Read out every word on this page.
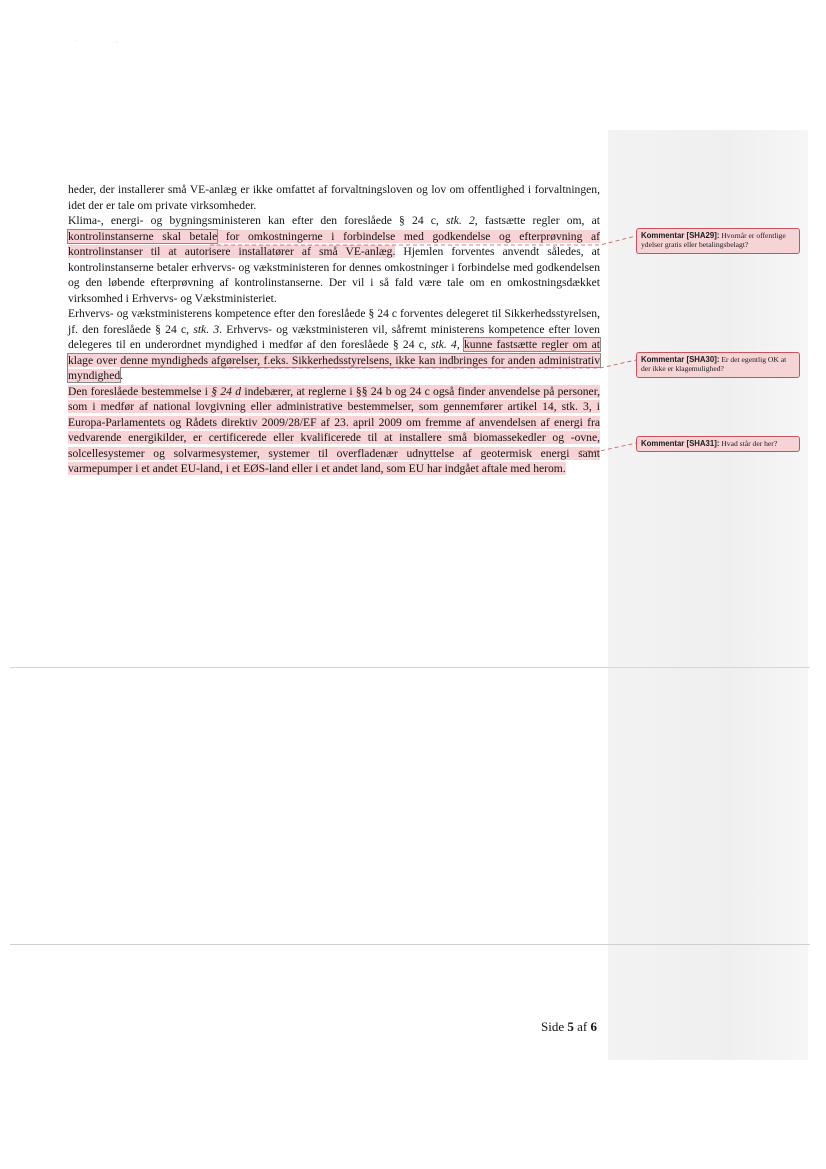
·	·

heder, der installerer små VE-anlæg er ikke omfattet af forvaltningsloven og lov om offentlighed i forvaltningen, idet der er tale om private virksomheder.

Klima-, energi- og bygningsministeren kan efter den foreslåede § 24 c, stk. 2, fastsætte regler om, at kontrolinstanserne skal betale for omkostningerne i forbindelse med godkendelse og efterprøvning af kontrolinstanser til at autorisere installatører af små VE-anlæg. Hjemlen forventes anvendt således, at kontrolinstanserne betaler erhvervs- og vækstministeren for dennes omkostninger i forbindelse med godkendelsen og den løbende efterprøvning af kontrolinstanserne. Der vil i så fald være tale om en omkostningsdækket virksomhed i Erhvervs- og Vækstministeriet.

Erhvervs- og vækstministerens kompetence efter den foreslåede § 24 c forventes delegeret til Sikkerhedsstyrelsen, jf. den foreslåede § 24 c, stk. 3. Erhvervs- og vækstministeren vil, såfremt ministerens kompetence efter loven delegeres til en underordnet myndighed i medfør af den foreslåede § 24 c, stk. 4, kunne fastsætte regler om at klage over denne myndigheds afgørelser, f.eks. Sikkerhedsstyrelsens, ikke kan indbringes for anden administrativ myndighed.

Den foreslåede bestemmelse i § 24 d indebærer, at reglerne i §§ 24 b og 24 c også finder anvendelse på personer, som i medfør af national lovgivning eller administrative bestemmelser, som gennemfører artikel 14, stk. 3, i Europa-Parlamentets og Rådets direktiv 2009/28/EF af 23. april 2009 om fremme af anvendelsen af energi fra vedvarende energikilder, er certificerede eller kvalificerede til at installere små biomassekedler og -ovne, solcellesystemer og solvarmesystemer, systemer til overfladenær udnyttelse af geotermisk energi samt varmepumper i et andet EU-land, i et EØS-land eller i et andet land, som EU har indgået aftale med herom.

Kommentar [SHA29]: Hvornår er offentlige ydelser gratis eller betalingsbelagt?
Kommentar [SHA30]: Er det egentlig OK at der ikke er klagemulighed?
Kommentar [SHA31]: Hvad står der her?
Side 5 af 6
